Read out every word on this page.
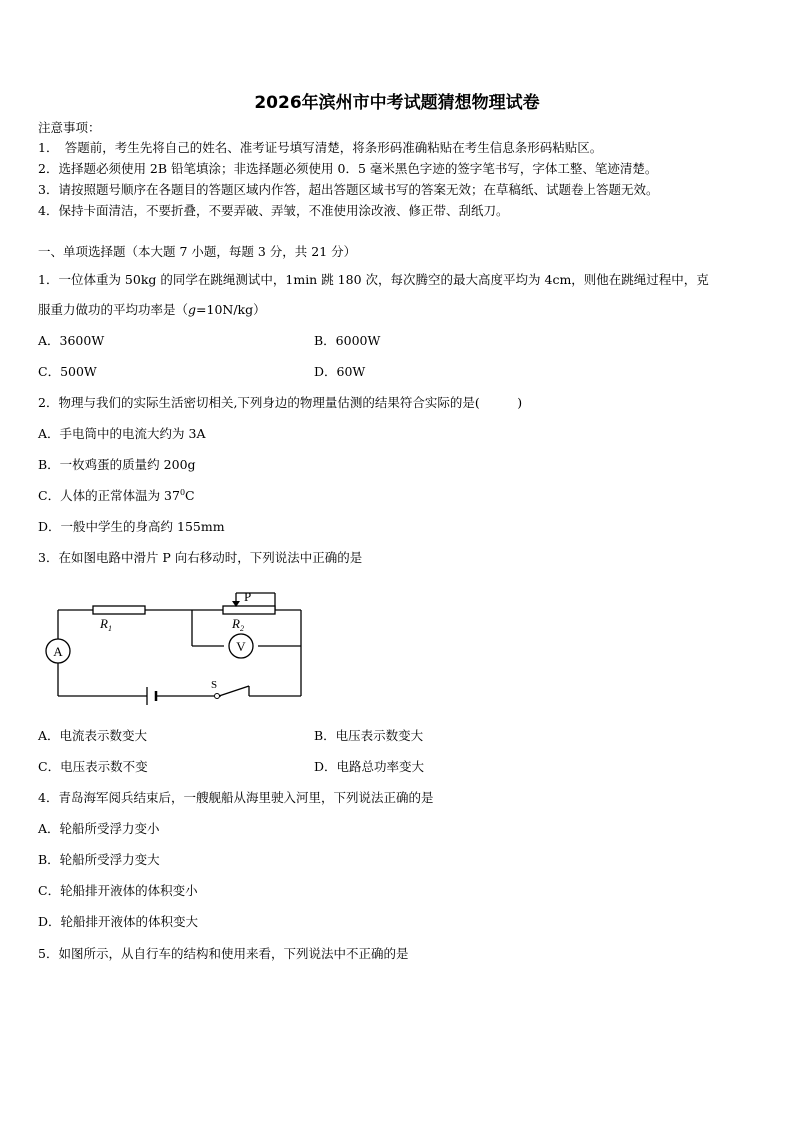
2026年滨州市中考试题猜想物理试卷
注意事项：
1．　答题前，考生先将自己的姓名、准考证号填写清楚，将条形码准确粘贴在考生信息条形码粘贴区。
2．选择题必须使用 2B 铅笔填涂；非选择题必须使用 0．5 毫米黑色字迹的签字笔书写，字体工整、笔迹清楚。
3．请按照题号顺序在各题目的答题区域内作答，超出答题区域书写的答案无效；在草稿纸、试题卷上答题无效。
4．保持卡面清洁，不要折叠，不要弄破、弄皱，不准使用涂改液、修正带、刮纸刀。
一、单项选择题（本大题 7 小题，每题 3 分，共 21 分）
1．一位体重为 50kg 的同学在跳绳测试中，1min 跳 180 次，每次腾空的最大高度平均为 4cm，则他在跳绳过程中，克
服重力做功的平均功率是（g=10N/kg）
A．3600W	B．6000W
C．500W	D．60W
2．物理与我们的实际生活密切相关,下列身边的物理量估测的结果符合实际的是(　　　)
A．手电筒中的电流大约为 3A
B．一枚鸡蛋的质量约 200g
C．人体的正常体温为 $37^0C$
D．一般中学生的身高约 155mm
3．在如图电路中滑片 P 向右移动时，下列说法中正确的是
A	V
P
$R_1$	$R_2$
S
A．电流表示数变大	B．电压表示数变大
C．电压表示数不变	D．电路总功率变大
4．青岛海军阅兵结束后，一艘舰船从海里驶入河里，下列说法正确的是
A．轮船所受浮力变小
B．轮船所受浮力变大
C．轮船排开液体的体积变小
D．轮船排开液体的体积变大
5．如图所示，从自行车的结构和使用来看，下列说法中不正确的是
